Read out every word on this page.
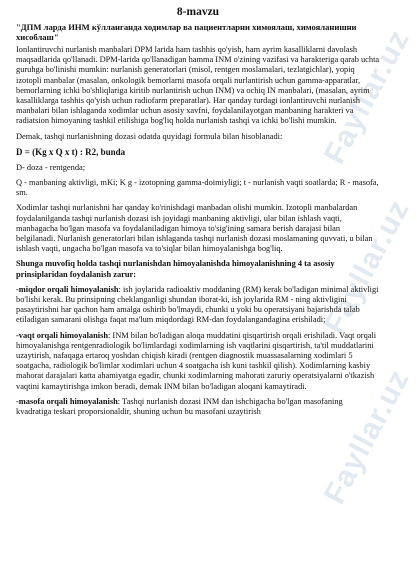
Fayllar.uz
Fayllar.uz
Fayllar.uz
8-mavzu
"ДПМ ларда ИНМ кўлланганда ходимлар ва пациентларни химоялаш, химояланишни хисоблаш"

Ionlantiruvchi nurlanish manbalari DPM larida ham tashhis qo'yish, ham ayrim kasalliklarni davolash maqsadlarida qo'llanadi. DPM-larida qo'llanadigan hamma INM o'zining vazifasi va harakteriga qarab uchta guruhga bo'linishi mumkin: nurlanish generatorlari (misol, rentgen moslamalari, tezlatgichlar), yopiq izotopli manbalar (masalan, onkologik bemorlarni masofa orqali nurlantirish uchun gamma-apparatlar, bemorlarning ichki bo'shliqlariga kiritib nurlantirish uchun INM) va ochiq IN manbalari, (masalan, ayrim kasalliklarga tashhis qo'yish uchun radiofarm preparatlar). Har qanday turdagi ionlantiruvchi nurlanish manbalari bilan ishlaganda xodimlar uchun asosiy xavfni, foydalanilayotgan manbaning harakteri va radiatsion himoyaning tashkil etilishiga bog'liq holda nurlanish tashqi va ichki bo'lishi mumkin.

Demak, tashqi nurlanishning dozasi odatda quyidagi formula bilan hisoblanadi:

D = (Kg x Q x t) : R2, bunda

D- doza - rentgenda;

Q - manbaning aktivligi, mKi; K g - izotopning gamma-doimiyligi; t - nurlanish vaqti soatlarda; R - masofa, sm.

Xodimlar tashqi nurlanishni har qanday ko'rinishdagi manbadan olishi mumkin. Izotopli manbalardan foydalanilganda tashqi nurlanish dozasi ish joyidagi manbaning aktivligi, ular bilan ishlash vaqti, manbagacha bo'lgan masofa va foydalaniladigan himoya to'sig'ining samara berish darajasi bilan belgilanadi. Nurlanish generatorlari bilan ishlaganda tashqi nurlanish dozasi moslamaning quvvati, u bilan ishlash vaqti, ungacha bo'lgan masofa va to'siqlar bilan himoyalanishga bog'liq.

Shunga muvofiq holda tashqi nurlanishdan himoyalanishda himoyalanishning 4 ta asosiy prinsiplaridan foydalanish zarur:

-miqdor orqali himoyalanish: ish joylarida radioaktiv moddaning (RM) kerak bo'ladigan minimal aktivligi bo'lishi kerak. Bu prinsipning cheklanganligi shundan iborat-ki, ish joylarida RM - ning aktivligini pasaytirishni har qachon ham amalga oshirib bo'lmaydi, chunki u yoki bu operatsiyani bajarishda talab etiladigan samarani olishga faqat ma'lum miqdordagi RM-dan foydalangandagina erishiladi;

-vaqt orqali himoyalanish: INM bilan bo'ladigan aloqa muddatini qisqartirish orqali erishiladi. Vaqt orqali himoyalanishga rentgenradiologik bo'limlardagi xodimlarning ish vaqtlarini qisqartirish, ta'til muddatlarini uzaytirish, nafaqaga ertaroq yoshdan chiqish kiradi (rentgen diagnostik muassasalarning xodimlari 5 soatgacha, radiologik bo'limlar xodimlari uchun 4 soatgacha ish kuni tashkil qilish). Xodimlarning kasbiy mahorat darajalari katta ahamiyatga egadir, chunki xodimlarning mahorati zaruriy operatsiyalarni o'tkazish vaqtini kamaytirishga imkon beradi, demak INM bilan bo'ladigan aloqani kamaytiradi.

-masofa orqali himoyalanish: Tashqi nurlanish dozasi INM dan ishchigacha bo'lgan masofaning kvadratiga teskari proporsionaldir, shuning uchun bu masofani uzaytirish
